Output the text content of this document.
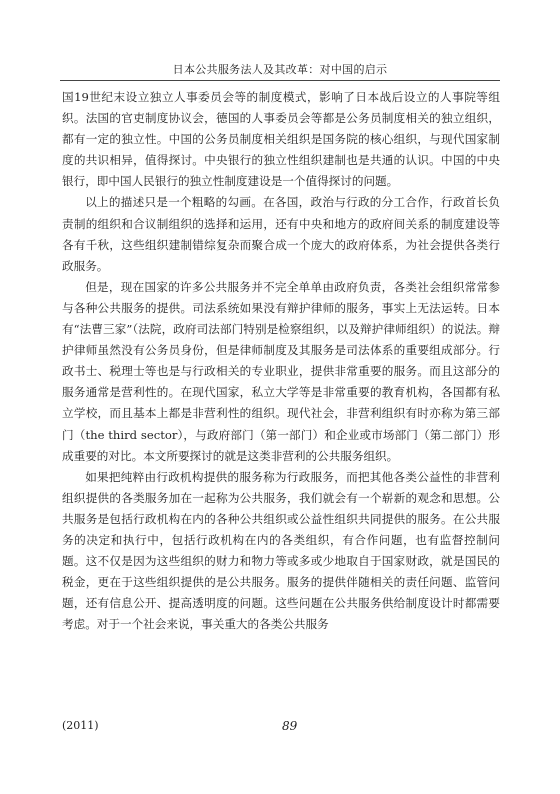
日本公共服务法人及其改革：对中国的启示

国19世纪末设立独立人事委员会等的制度模式，影响了日本战后设立的人事院等组织。法国的官吏制度协议会，德国的人事委员会等都是公务员制度相关的独立组织，都有一定的独立性。中国的公务员制度相关组织是国务院的核心组织，与现代国家制度的共识相异，值得探讨。中央银行的独立性组织建制也是共通的认识。中国的中央银行，即中国人民银行的独立性制度建设是一个值得探讨的问题。

以上的描述只是一个粗略的勾画。在各国，政治与行政的分工合作，行政首长负责制的组织和合议制组织的选择和运用，还有中央和地方的政府间关系的制度建设等各有千秋，这些组织建制错综复杂而聚合成一个庞大的政府体系，为社会提供各类行政服务。

但是，现在国家的许多公共服务并不完全单单由政府负责，各类社会组织常常参与各种公共服务的提供。司法系统如果没有辩护律师的服务，事实上无法运转。日本有“法曹三家”（法院，政府司法部门特别是检察组织，以及辩护律师组织）的说法。辩护律师虽然没有公务员身份，但是律师制度及其服务是司法体系的重要组成部分。行政书士、税理士等也是与行政相关的专业职业，提供非常重要的服务。而且这部分的服务通常是营利性的。在现代国家，私立大学等是非常重要的教育机构，各国都有私立学校，而且基本上都是非营利性的组织。现代社会，非营利组织有时亦称为第三部门（the third sector），与政府部门（第一部门）和企业或市场部门（第二部门）形成重要的对比。本文所要探讨的就是这类非营利的公共服务组织。

如果把纯粹由行政机构提供的服务称为行政服务，而把其他各类公益性的非营利组织提供的各类服务加在一起称为公共服务，我们就会有一个崭新的观念和思想。公共服务是包括行政机构在内的各种公共组织或公益性组织共同提供的服务。在公共服务的决定和执行中，包括行政机构在内的各类组织，有合作问题，也有监督控制问题。这不仅是因为这些组织的财力和物力等或多或少地取自于国家财政，就是国民的税金，更在于这些组织提供的是公共服务。服务的提供伴随相关的责任问题、监管问题，还有信息公开、提高透明度的问题。这些问题在公共服务供给制度设计时都需要考虑。对于一个社会来说，事关重大的各类公共服务

(2011)	89
